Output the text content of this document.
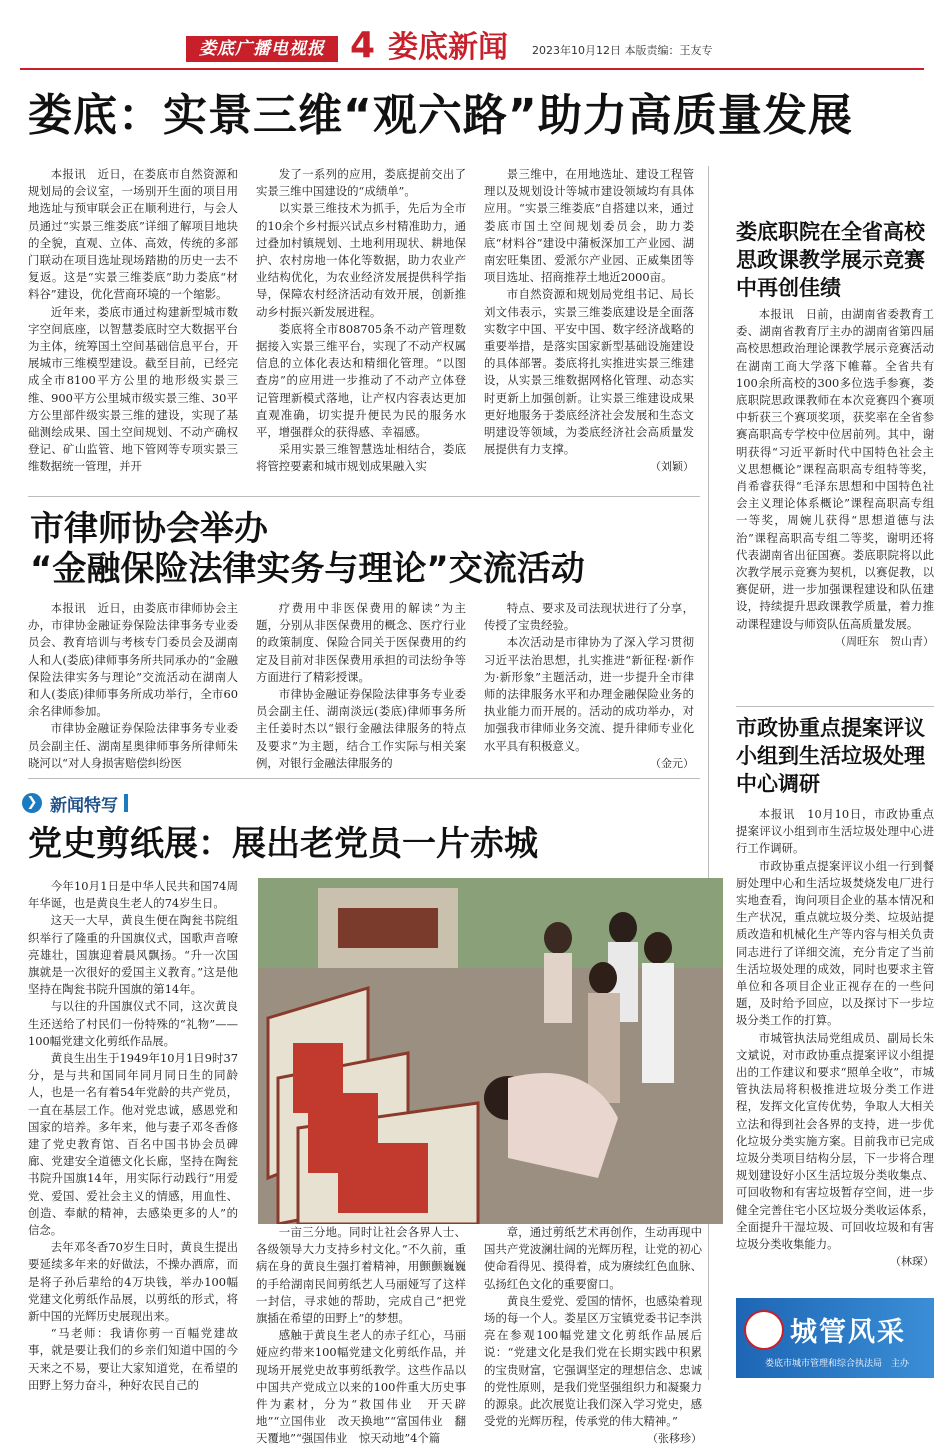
娄底广播电视报 4 娄底新闻 2023年10月12日 本版责编：王友专
娄底：实景三维“观六路”助力高质量发展

本报讯　近日，在娄底市自然资源和规划局的会议室，一场别开生面的项目用地选址与预审联会正在顺利进行，与会人员通过“实景三维娄底”详细了解项目地块的全貌，直观、立体、高效，传统的多部门联动在项目选址现场踏勘的历史一去不复返。这是“实景三维娄底”助力娄底“材料谷”建设，优化营商环境的一个缩影。

近年来，娄底市通过构建新型城市数字空间底座，以智慧娄底时空大数据平台为主体，统筹国土空间基础信息平台，开展城市三维模型建设。截至目前，已经完成全市8100平方公里的地形级实景三维、900平方公里城市级实景三维、30平方公里部件级实景三维的建设，实现了基础测绘成果、国土空间规划、不动产确权登记、矿山监管、地下管网等专项实景三维数据统一管理，并开

发了一系列的应用，娄底提前交出了实景三维中国建设的“成绩单”。

以实景三维技术为抓手，先后为全市的10余个乡村振兴试点乡村精准助力，通过叠加村镇规划、土地利用现状、耕地保护、农村房地一体化等数据，助力农业产业结构优化，为农业经济发展提供科学指导，保障农村经济活动有效开展，创新推动乡村振兴新发展进程。

娄底将全市808705条不动产管理数据接入实景三维平台，实现了不动产权属信息的立体化表达和精细化管理。“以图查房”的应用进一步推动了不动产立体登记管理新模式落地，让产权内容表达更加直观准确，切实提升便民为民的服务水平，增强群众的获得感、幸福感。

采用实景三维智慧选址相结合，娄底将管控要素和城市规划成果融入实

景三维中，在用地选址、建设工程管理以及规划设计等城市建设领域均有具体应用。“实景三维娄底”自搭建以来，通过娄底市国土空间规划委员会，助力娄底“材料谷”建设中蒲板深加工产业园、湖南宏旺集团、爱派尔产业园、正威集团等项目选址、招商推荐土地近2000亩。

市自然资源和规划局党组书记、局长刘文伟表示，实景三维娄底建设是全面落实数字中国、平安中国、数字经济战略的重要举措，是落实国家新型基础设施建设的具体部署。娄底将扎实推进实景三维建设，从实景三维数据网格化管理、动态实时更新上加强创新。让实景三维建设成果更好地服务于娄底经济社会发展和生态文明建设等领域，为娄底经济社会高质量发展提供有力支撑。

（刘颖）

娄底职院在全省高校思政课教学展示竞赛中再创佳绩

本报讯　日前，由湖南省委教育工委、湖南省教育厅主办的湖南省第四届高校思想政治理论课教学展示竞赛活动在湖南工商大学落下帷幕。全省共有100余所高校的300多位选手参赛，娄底职院思政课教师在本次竞赛四个赛项中斩获三个赛项奖项，获奖率在全省参赛高职高专学校中位居前列。其中，谢明获得“习近平新时代中国特色社会主义思想概论”课程高职高专组特等奖，肖希睿获得“毛泽东思想和中国特色社会主义理论体系概论”课程高职高专组一等奖，周婉儿获得“思想道德与法治”课程高职高专组二等奖，谢明还将代表湖南省出征国赛。娄底职院将以此次教学展示竞赛为契机，以赛促教，以赛促研，进一步加强课程建设和队伍建设，持续提升思政课教学质量，着力推动课程建设与师资队伍高质量发展。

（周旺东　贺山青）

市律师协会举办
“金融保险法律实务与理论”交流活动

本报讯　近日，由娄底市律师协会主办，市律协金融证券保险法律事务专业委员会、教育培训与考核专门委员会及湖南人和人(娄底)律师事务所共同承办的“金融保险法律实务与理论”交流活动在湖南人和人(娄底)律师事务所成功举行，全市60余名律师参加。

市律协金融证券保险法律事务专业委员会副主任、湖南星奥律师事务所律师朱晓河以“对人身损害赔偿纠纷医

疗费用中非医保费用的解读”为主题，分别从非医保费用的概念、医疗行业的政策制度、保险合同关于医保费用的约定及目前对非医保费用承担的司法纷争等方面进行了精彩授课。

市律协金融证券保险法律事务专业委员会副主任、湖南淡远(娄底)律师事务所主任姜时杰以“银行金融法律服务的特点及要求”为主题，结合工作实际与相关案例，对银行金融法律服务的

特点、要求及司法现状进行了分享，传授了宝贵经验。

本次活动是市律协为了深入学习贯彻习近平法治思想，扎实推进“新征程·新作为·新形象”主题活动，进一步提升全市律师的法律服务水平和办理金融保险业务的执业能力而开展的。活动的成功举办，对加强我市律师业务交流、提升律师专业化水平具有积极意义。

（金元）

市政协重点提案评议小组到生活垃圾处理中心调研

本报讯　10月10日，市政协重点提案评议小组到市生活垃圾处理中心进行工作调研。

市政协重点提案评议小组一行到餐厨处理中心和生活垃圾焚烧发电厂进行实地查看，询问项目企业的基本情况和生产状况，重点就垃圾分类、垃圾站提质改造和机械化生产等内容与相关负责同志进行了详细交流，充分肯定了当前生活垃圾处理的成效，同时也要求主管单位和各项目企业正视存在的一些问题，及时给予回应，以及探讨下一步垃圾分类工作的打算。

市城管执法局党组成员、副局长朱文斌说，对市政协重点提案评议小组提出的工作建议和要求“照单全收”，市城管执法局将积极推进垃圾分类工作进程，发挥文化宣传优势，争取人大相关立法和得到社会各界的支持，进一步优化垃圾分类实施方案。目前我市已完成垃圾分类项目结构分层，下一步将合理规划建设好小区生活垃圾分类收集点、可回收物和有害垃圾暂存空间，进一步健全完善住宅小区垃圾分类收运体系，全面提升干湿垃圾、可回收垃圾和有害垃圾分类收集能力。

（林琛）

❯ 新闻特写
党史剪纸展：展出老党员一片赤城

今年10月1日是中华人民共和国74周年华诞，也是黄良生老人的74岁生日。

这天一大早，黄良生便在陶瓮书院组织举行了隆重的升国旗仪式，国歌声音嘹亮雄壮，国旗迎着晨风飘扬。“升一次国旗就是一次很好的爱国主义教育。”这是他坚持在陶瓮书院升国旗的第14年。

与以往的升国旗仪式不同，这次黄良生还送给了村民们一份特殊的“礼物”——100幅党建文化剪纸作品展。

黄良生出生于1949年10月1日9时37分，是与共和国同年同月同日生的同龄人，也是一名有着54年党龄的共产党员，一直在基层工作。他对党忠诚，感恩党和国家的培养。多年来，他与妻子邓冬香修建了党史教育馆、百名中国书协会员碑廊、党建安全道德文化长廊，坚持在陶瓮书院升国旗14年，用实际行动践行“用爱党、爱国、爱社会主义的情感，用血性、创造、奉献的精神，去感染更多的人”的信念。

去年邓冬香70岁生日时，黄良生提出要延续多年来的好做法，不操办酒席，而是将子孙后辈给的4万块钱，举办100幅党建文化剪纸作品展，以剪纸的形式，将新中国的光辉历史展现出来。

“马老师：我请你剪一百幅党建故事，就是要让我们的乡亲们知道中国的今天来之不易，要让大家知道党，在希望的田野上努力奋斗，种好农民自己的

一亩三分地。同时让社会各界人士、各级领导大力支持乡村文化。”不久前，重病在身的黄良生强打着精神，用颤颤巍巍的手给湖南民间剪纸艺人马丽娅写了这样一封信，寻求她的帮助，完成自己“把党旗插在希望的田野上”的梦想。

感触于黄良生老人的赤子红心，马丽娅应约带来100幅党建文化剪纸作品，并现场开展党史故事剪纸教学。这些作品以中国共产党成立以来的100件重大历史事件为素材，分为“救国伟业　开天辟地”“立国伟业　改天换地”“富国伟业　翻天覆地”“强国伟业　惊天动地”4个篇

章，通过剪纸艺术再创作，生动再现中国共产党波澜壮阔的光辉历程，让党的初心使命看得见、摸得着，成为赓续红色血脉、弘扬红色文化的重要窗口。

黄良生爱党、爱国的情怀，也感染着现场的每一个人。娄星区万宝镇党委书记李洪亮在参观100幅党建文化剪纸作品展后说：“党建文化是我们党在长期实践中积累的宝贵财富，它强调坚定的理想信念、忠诚的党性原则，是我们党坚强组织力和凝聚力的源泉。此次展览让我们深入学习党史，感受党的光辉历程，传承党的伟大精神。”

（张移珍）

城管风采
娄底市城市管理和综合执法局　主办
